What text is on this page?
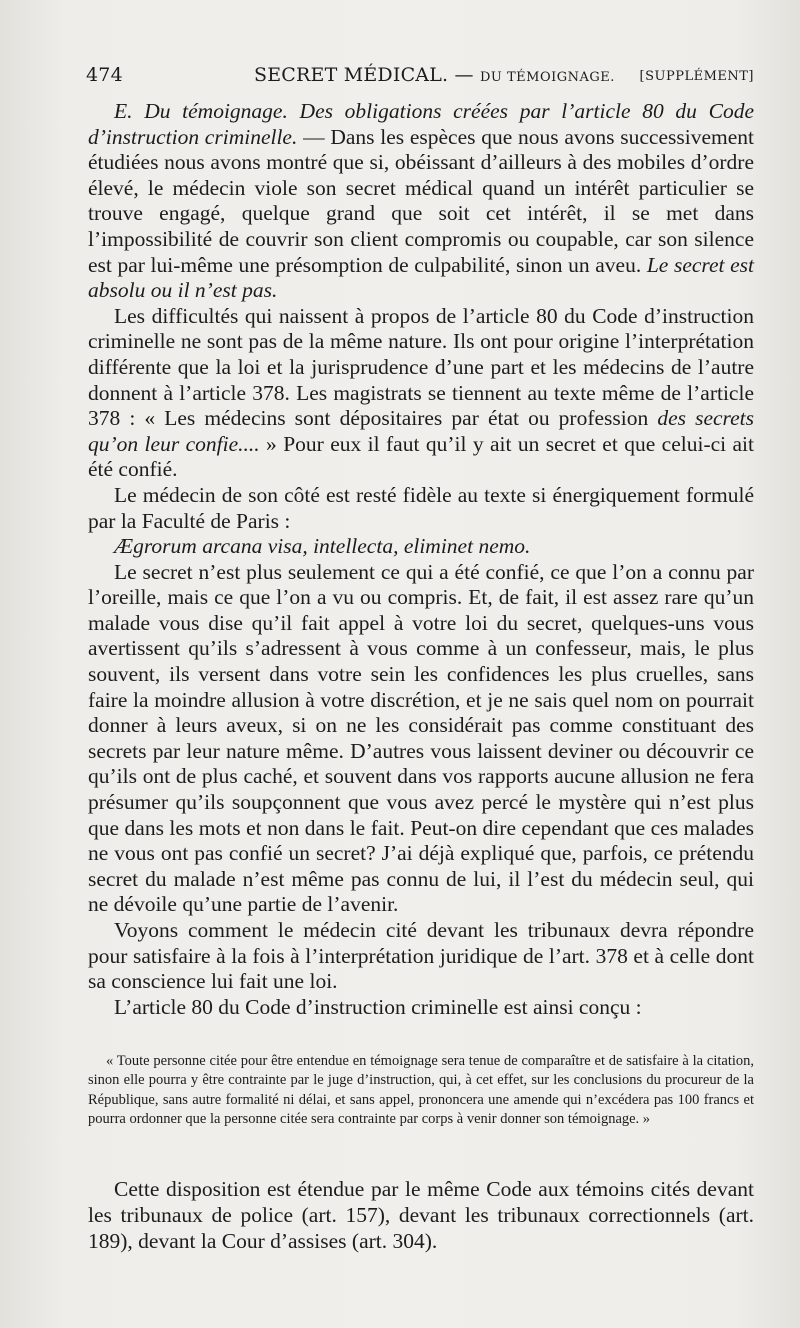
474	SECRET MÉDICAL. — DU TÉMOIGNAGE. [SUPPLÉMENT]

E. Du témoignage. Des obligations créées par l’article 80 du Code d’instruction criminelle. — Dans les espèces que nous avons successivement étudiées nous avons montré que si, obéissant d’ailleurs à des mobiles d’ordre élevé, le médecin viole son secret médical quand un intérêt particulier se trouve engagé, quelque grand que soit cet intérêt, il se met dans l’impossibilité de couvrir son client compromis ou coupable, car son silence est par lui-même une présomption de culpabilité, sinon un aveu. Le secret est absolu ou il n’est pas.

Les difficultés qui naissent à propos de l’article 80 du Code d’instruction criminelle ne sont pas de la même nature. Ils ont pour origine l’interprétation différente que la loi et la jurisprudence d’une part et les médecins de l’autre donnent à l’article 378. Les magistrats se tiennent au texte même de l’article 378 : « Les médecins sont dépositaires par état ou profession des secrets qu’on leur confie.... » Pour eux il faut qu’il y ait un secret et que celui-ci ait été confié.

Le médecin de son côté est resté fidèle au texte si énergiquement formulé par la Faculté de Paris :

Ægrorum arcana visa, intellecta, eliminet nemo.

Le secret n’est plus seulement ce qui a été confié, ce que l’on a connu par l’oreille, mais ce que l’on a vu ou compris. Et, de fait, il est assez rare qu’un malade vous dise qu’il fait appel à votre loi du secret, quelques-uns vous avertissent qu’ils s’adressent à vous comme à un confesseur, mais, le plus souvent, ils versent dans votre sein les confidences les plus cruelles, sans faire la moindre allusion à votre discrétion, et je ne sais quel nom on pourrait donner à leurs aveux, si on ne les considérait pas comme constituant des secrets par leur nature même. D’autres vous laissent deviner ou découvrir ce qu’ils ont de plus caché, et souvent dans vos rapports aucune allusion ne fera présumer qu’ils soupçonnent que vous avez percé le mystère qui n’est plus que dans les mots et non dans le fait. Peut-on dire cependant que ces malades ne vous ont pas confié un secret? J’ai déjà expliqué que, parfois, ce prétendu secret du malade n’est même pas connu de lui, il l’est du médecin seul, qui ne dévoile qu’une partie de l’avenir.

Voyons comment le médecin cité devant les tribunaux devra répondre pour satisfaire à la fois à l’interprétation juridique de l’art. 378 et à celle dont sa conscience lui fait une loi.

L’article 80 du Code d’instruction criminelle est ainsi conçu :

« Toute personne citée pour être entendue en témoignage sera tenue de comparaître et de satisfaire à la citation, sinon elle pourra y être contrainte par le juge d’instruction, qui, à cet effet, sur les conclusions du procureur de la République, sans autre formalité ni délai, et sans appel, prononcera une amende qui n’excédera pas 100 francs et pourra ordonner que la personne citée sera contrainte par corps à venir donner son témoignage. »

Cette disposition est étendue par le même Code aux témoins cités devant les tribunaux de police (art. 157), devant les tribunaux correctionnels (art. 189), devant la Cour d’assises (art. 304).
